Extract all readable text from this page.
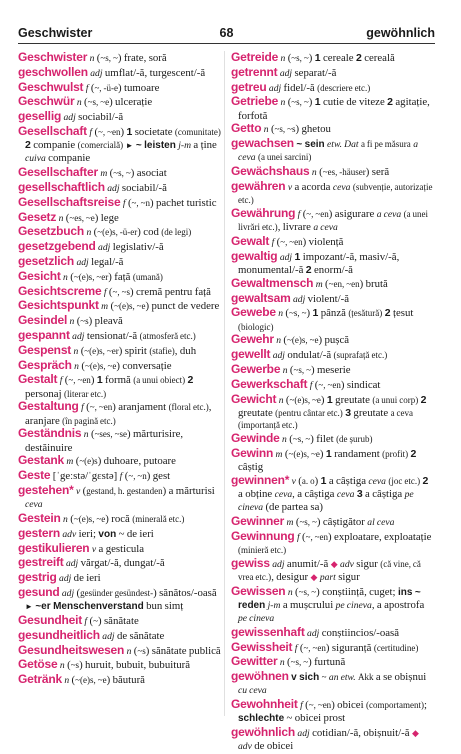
Geschwister	68	gewöhnlich
Geschwister n (~s, ~) frate, soră
geschwollen adj umflat/-ă, turgescent/-ă
Geschwulst f (~, -ü-e) tumoare
Geschwür n (~s, ~e) ulcerație
gesellig adj sociabil/-ă
Gesellschaft f (~, ~en) 1 societate (comunitate) 2 companie (comercială) ► ~ leisten j-m a ține cuiva companie
Gesellschafter m (~s, ~) asociat
gesellschaftlich adj sociabil/-ă
Gesellschaftsreise f (~, ~n) pachet turistic
Gesetz n (~es, ~e) lege
Gesetzbuch n (~(e)s, -ü-er) cod (de legi)
gesetzgebend adj legislativ/-ă
gesetzlich adj legal/-ă
Gesicht n (~(e)s, ~er) față (umană)
Gesichtscreme f (~, ~s) cremă pentru față
Gesichtspunkt m (~(e)s, ~e) punct de vedere
Gesindel n (~s) pleavă
gespannt adj tensionat/-ă (atmosferă etc.)
Gespenst n (~(e)s, ~er) spirit (stafie), duh
Gespräch n (~(e)s, ~e) conversație
Gestalt f (~, ~en) 1 formă (a unui obiect) 2 personaj (literar etc.)
Gestaltung f (~, ~en) aranjament (floral etc.), aranjare (în pagină etc.)
Geständnis n (~ses, ~se) mărturisire, destăinuire
Gestank m (~(e)s) duhoare, putoare
Geste [ˈgeːstə/ˈgɛstə] f (~, ~n) gest
gestehen* v (gestand, h. gestanden) a mărturisi ceva
Gestein n (~(e)s, ~e) rocă (minerală etc.)
gestern adv ieri; von ~ de ieri
gestikulieren v a gesticula
gestreift adj vărgat/-ă, dungat/-ă
gestrig adj de ieri
gesund adj (gesünder gesündest-) sănătos/-oasă ► ~er Menschenverstand bun simț
Gesundheit f (~) sănătate
gesundheitlich adj de sănătate
Gesundheitswesen n (~s) sănătate publică
Getöse n (~s) huruit, bubuit, bubuitură
Getränk n (~(e)s, ~e) băutură
Getreide n (~s, ~) 1 cereale 2 cereală
getrennt adj separat/-ă
getreu adj fidel/-ă (descriere etc.)
Getriebe n (~s, ~) 1 cutie de viteze 2 agitație, forfotă
Getto n (~s, ~s) ghetou
gewachsen ~ sein etw. Dat a fi pe măsura a ceva (a unei sarcini)
Gewächshaus n (~es, -häuser) seră
gewähren v a acorda ceva (subvenție, autorizație etc.)
Gewährung f (~, ~en) asigurare a ceva (a unei livrări etc.), livrare a ceva
Gewalt f (~, ~en) violență
gewaltig adj 1 impozant/-ă, masiv/-ă, monumental/-ă 2 enorm/-ă
Gewaltmensch m (~en, ~en) brută
gewaltsam adj violent/-ă
Gewebe n (~s, ~) 1 pânză (țesătură) 2 țesut (biologic)
Gewehr n (~(e)s, ~e) pușcă
gewellt adj ondulat/-ă (suprafață etc.)
Gewerbe n (~s, ~) meserie
Gewerkschaft f (~, ~en) sindicat
Gewicht n (~(e)s, ~e) 1 greutate (a unui corp) 2 greutate (pentru cântar etc.) 3 greutate a ceva (importanță etc.)
Gewinde n (~s, ~) filet (de șurub)
Gewinn m (~(e)s, ~e) 1 randament (profit) 2 câștig
gewinnen* v (a. o) 1 a câștiga ceva (joc etc.) 2 a obține ceva, a câștiga ceva 3 a câștiga pe cineva (de partea sa)
Gewinner m (~s, ~) câștigător al ceva
Gewinnung f (~, ~en) exploatare, exploatație (minieră etc.)
gewiss adj anumit/-ă ◆ adv sigur (că vine, că vrea etc.), desigur ◆ part sigur
Gewissen n (~s, ~) conștiință, cuget; ins ~ reden j-m a mușcrului pe cineva, a apostrofa pe cineva
gewissenhaft adj conștiincios/-oasă
Gewissheit f (~, ~en) siguranță (certitudine)
Gewitter n (~s, ~) furtună
gewöhnen v sich ~ an etw. Akk a se obișnui cu ceva
Gewohnheit f (~, ~en) obicei (comportament); schlechte ~ obicei prost
gewöhnlich adj cotidian/-ă, obișnuit/-ă ◆ adv de obicei
